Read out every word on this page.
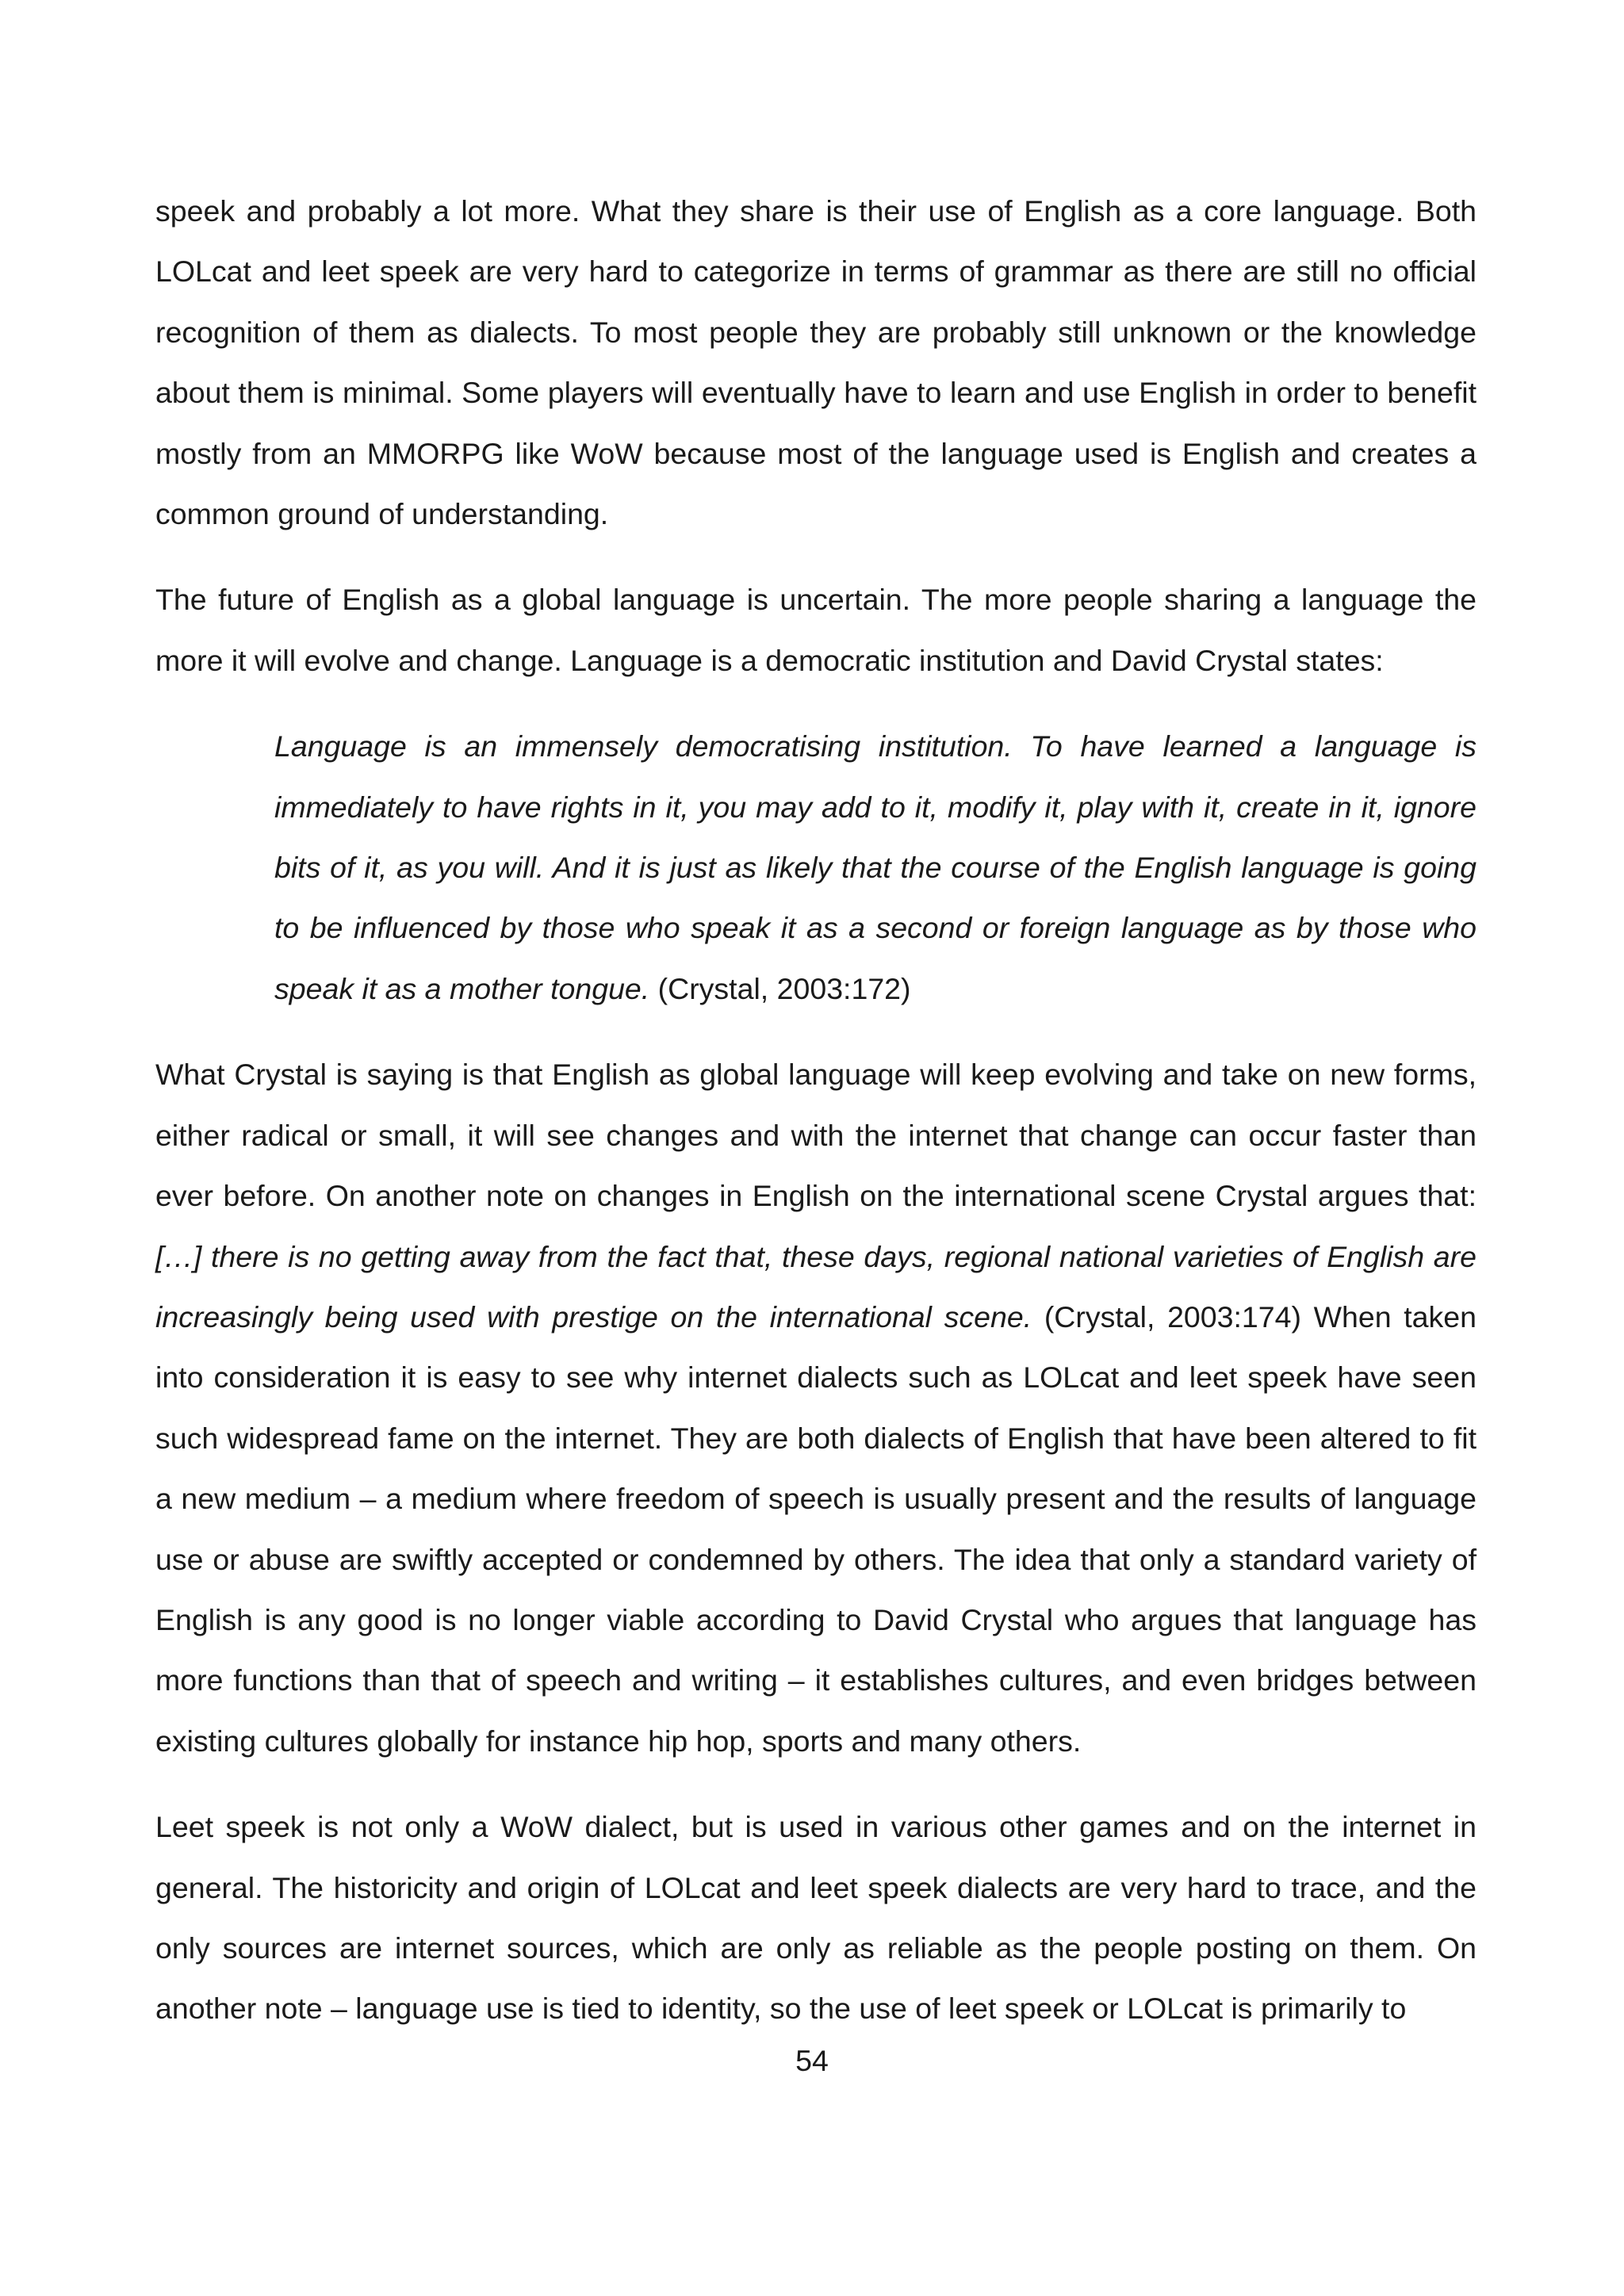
speek and probably a lot more. What they share is their use of English as a core language. Both LOLcat and leet speek are very hard to categorize in terms of grammar as there are still no official recognition of them as dialects. To most people they are probably still unknown or the knowledge about them is minimal. Some players will eventually have to learn and use English in order to benefit mostly from an MMORPG like WoW because most of the language used is English and creates a common ground of understanding.

The future of English as a global language is uncertain. The more people sharing a language the more it will evolve and change. Language is a democratic institution and David Crystal states:

Language is an immensely democratising institution. To have learned a language is immediately to have rights in it, you may add to it, modify it, play with it, create in it, ignore bits of it, as you will. And it is just as likely that the course of the English language is going to be influenced by those who speak it as a second or foreign language as by those who speak it as a mother tongue. (Crystal, 2003:172)

What Crystal is saying is that English as global language will keep evolving and take on new forms, either radical or small, it will see changes and with the internet that change can occur faster than ever before. On another note on changes in English on the international scene Crystal argues that: […] there is no getting away from the fact that, these days, regional national varieties of English are increasingly being used with prestige on the international scene. (Crystal, 2003:174) When taken into consideration it is easy to see why internet dialects such as LOLcat and leet speek have seen such widespread fame on the internet. They are both dialects of English that have been altered to fit a new medium – a medium where freedom of speech is usually present and the results of language use or abuse are swiftly accepted or condemned by others. The idea that only a standard variety of English is any good is no longer viable according to David Crystal who argues that language has more functions than that of speech and writing – it establishes cultures, and even bridges between existing cultures globally for instance hip hop, sports and many others.

Leet speek is not only a WoW dialect, but is used in various other games and on the internet in general. The historicity and origin of LOLcat and leet speek dialects are very hard to trace, and the only sources are internet sources, which are only as reliable as the people posting on them. On another note – language use is tied to identity, so the use of leet speek or LOLcat is primarily to

54
